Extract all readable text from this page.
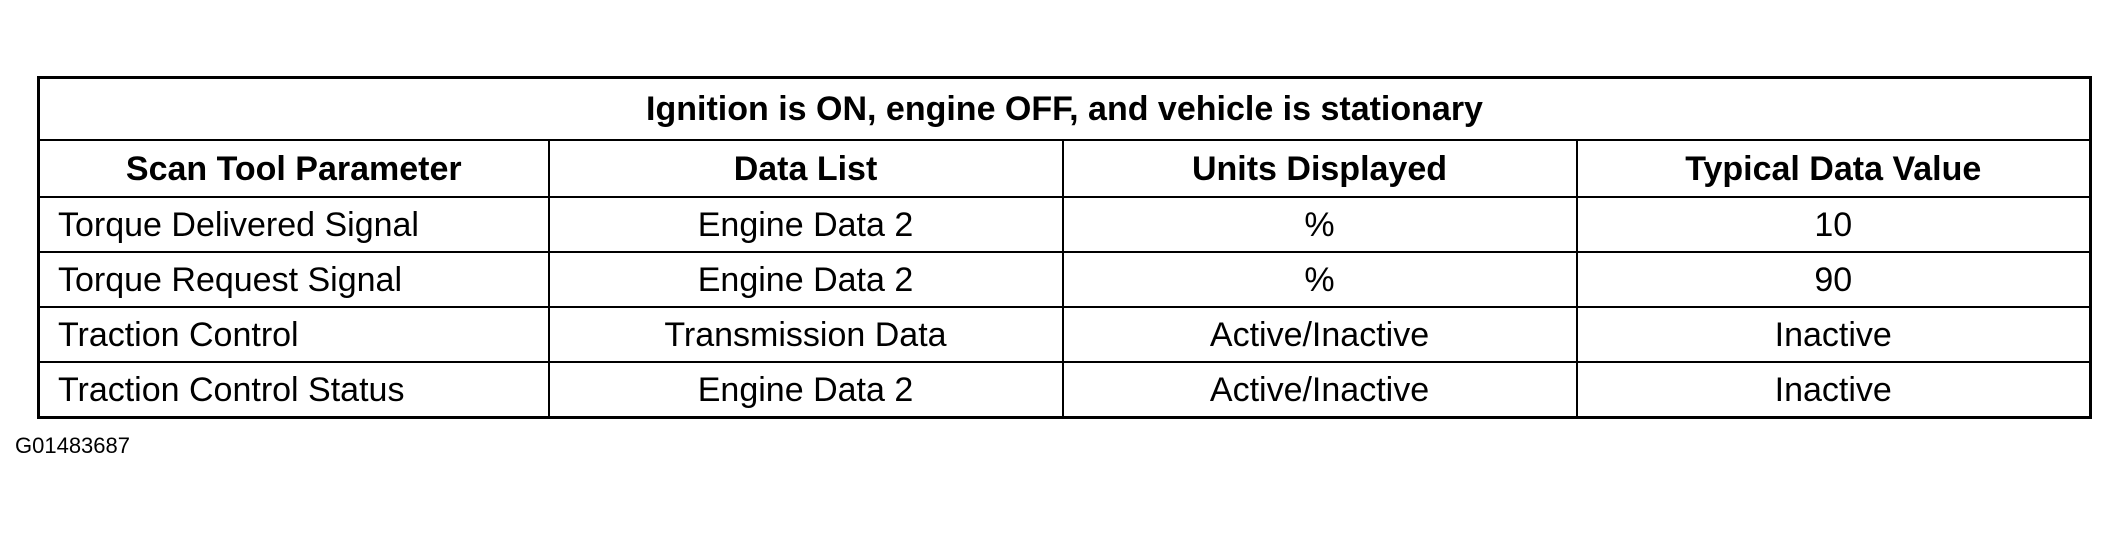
Ignition is ON, engine OFF, and vehicle is stationary			
Scan Tool Parameter	Data List	Units Displayed	Typical Data Value
Torque Delivered Signal	Engine Data 2	%	10
Torque Request Signal	Engine Data 2	%	90
Traction Control	Transmission Data	Active/Inactive	Inactive
Traction Control Status	Engine Data 2	Active/Inactive	Inactive
G01483687
